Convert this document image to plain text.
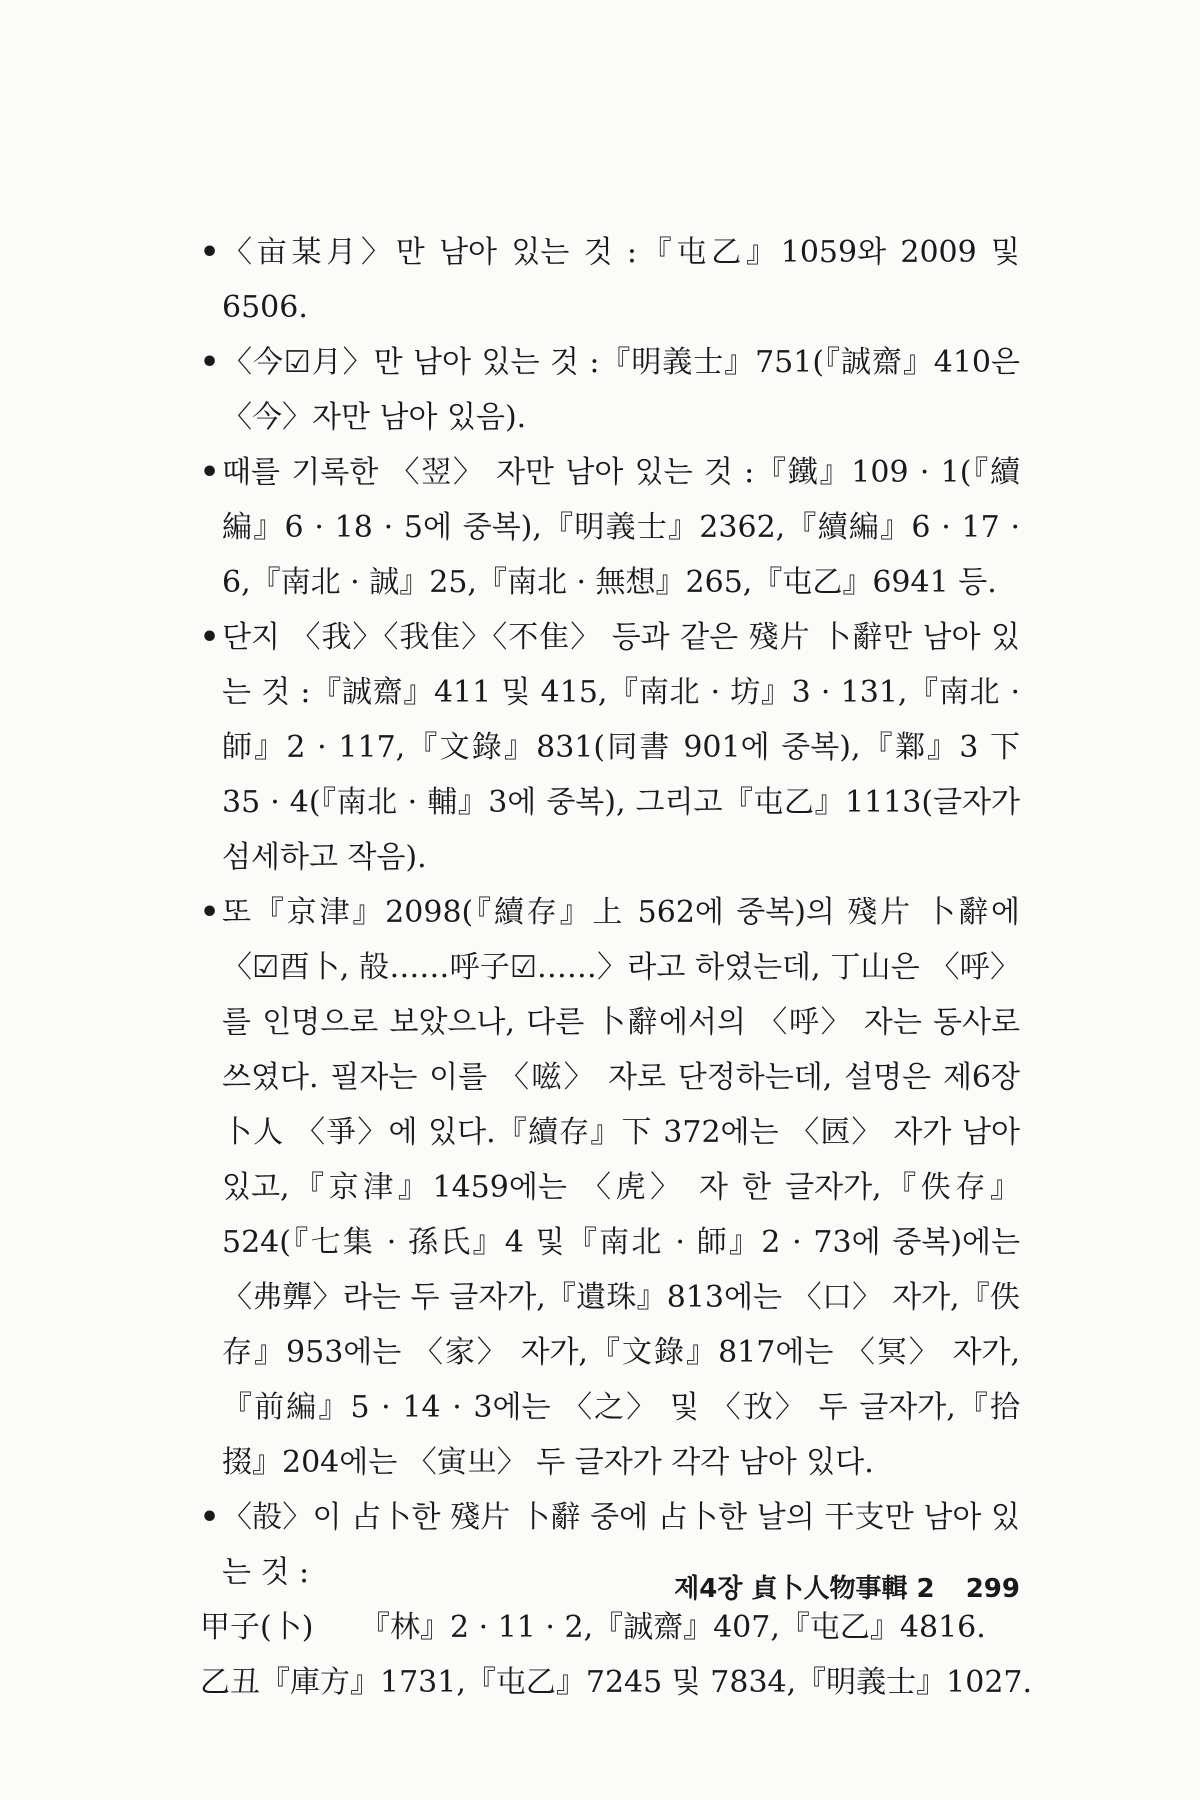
• 〈亩某月〉만 남아 있는 것 :『屯乙』1059와 2009 및 6506.
• 〈今☑月〉만 남아 있는 것 :『明義士』751(『誠齋』410은 〈今〉자만 남아 있음).
• 때를 기록한 〈翌〉 자만 남아 있는 것 :『鐵』109 · 1(『續編』6 · 18 · 5에 중복),『明義士』2362,『續編』6 · 17 · 6,『南北 · 誠』25,『南北 · 無想』265,『屯乙』6941 등.
• 단지 〈我〉〈我隹〉〈不隹〉 등과 같은 殘片 卜辭만 남아 있는 것 :『誠齋』411 및 415,『南北 · 坊』3 · 131,『南北 · 師』2 · 117,『文錄』831(同書 901에 중복),『鄴』3 下 35 · 4(『南北 · 輔』3에 중복), 그리고『屯乙』1113(글자가 섬세하고 작음).
• 또『京津』2098(『續存』上 562에 중복)의 殘片 卜辭에 〈☑酉卜, 㱿……呼子☑……〉라고 하였는데, 丁山은 〈呼〉를 인명으로 보았으나, 다른 卜辭에서의 〈呼〉 자는 동사로 쓰였다. 필자는 이를 〈嗞〉 자로 단정하는데, 설명은 제6장 卜人 〈爭〉에 있다.『續存』下 372에는 〈㔷〉 자가 남아 있고,『京津』1459에는 〈虎〉 자 한 글자가,『佚存』524(『七集 · 孫氏』4 및『南北 · 師』2 · 73에 중복)에는 〈弗龏〉라는 두 글자가,『遺珠』813에는 〈口〉 자가,『佚存』953에는 〈家〉 자가,『文錄』817에는 〈冥〉 자가,『前編』5 · 14 · 3에는 〈之〉 및 〈㪀〉 두 글자가,『拾掇』204에는 〈寅㞢〉 두 글자가 각각 남아 있다.
• 〈㱿〉이 占卜한 殘片 卜辭 중에 占卜한 날의 干支만 남아 있는 것 :
甲子(卜)	『林』2 · 11 · 2,『誠齋』407,『屯乙』4816.
乙丑 『庫方』1731,『屯乙』7245 및 7834,『明義士』1027.
제4장 貞卜人物事輯 2 299
